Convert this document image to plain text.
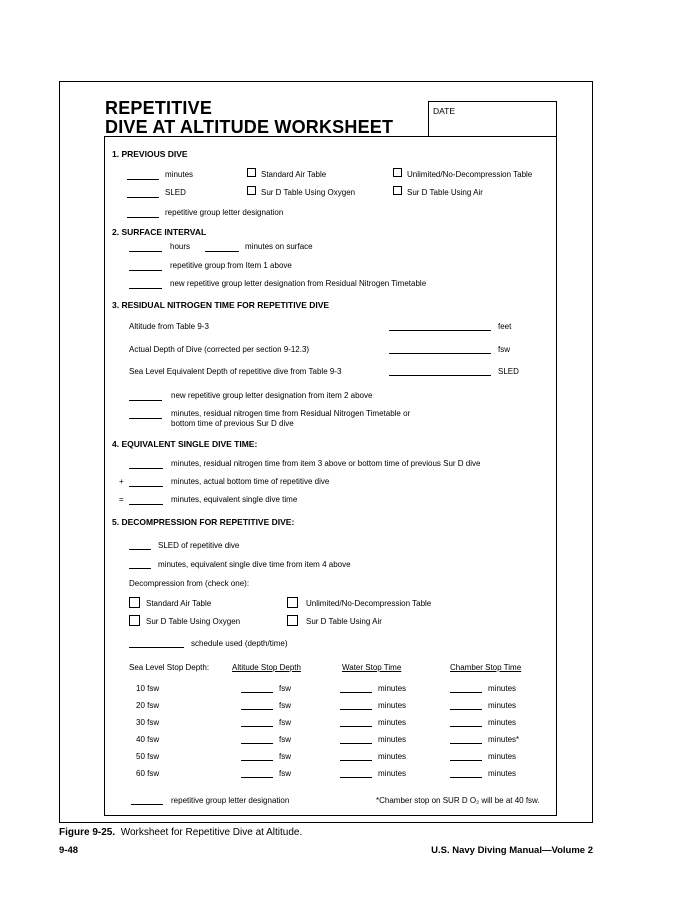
REPETITIVE
DIVE AT ALTITUDE WORKSHEET
DATE
1. PREVIOUS DIVE
minutes	Standard Air Table	Unlimited/No-Decompression Table
SLED	Sur D Table Using Oxygen	Sur D Table Using Air
repetitive group letter designation
2. SURFACE INTERVAL
hours	minutes on surface
repetitive group from Item 1 above
new repetitive group letter designation from Residual Nitrogen Timetable
3. RESIDUAL NITROGEN TIME FOR REPETITIVE DIVE
Altitude from Table 9-3	feet
Actual Depth of Dive (corrected per section 9-12.3)	fsw
Sea Level Equivalent Depth of repetitive dive from Table 9-3	SLED
new repetitive group letter designation from item 2 above
minutes, residual nitrogen time from Residual Nitrogen Timetable or
bottom time of previous Sur D dive
4. EQUIVALENT SINGLE DIVE TIME:
minutes, residual nitrogen time from item 3 above or bottom time of previous Sur D dive
+	minutes, actual bottom time of repetitive dive
=	minutes, equivalent single dive time
5. DECOMPRESSION FOR REPETITIVE DIVE:
SLED of repetitive dive
minutes, equivalent single dive time from item 4 above
Decompression from (check one):
Standard Air Table	Unlimited/No-Decompression Table
Sur D Table Using Oxygen	Sur D Table Using Air
schedule used (depth/time)
Sea Level Stop Depth:	Altitude Stop Depth	Water Stop Time	Chamber Stop Time
10 fsw	fsw	minutes	minutes
20 fsw	fsw	minutes	minutes
30 fsw	fsw	minutes	minutes
40 fsw	fsw	minutes	minutes*
50 fsw	fsw	minutes	minutes
60 fsw	fsw	minutes	minutes
repetitive group letter designation	*Chamber stop on SUR D O₂ will be at 40 fsw.
Figure 9-25. Worksheet for Repetitive Dive at Altitude.
9-48	U.S. Navy Diving Manual—Volume 2
